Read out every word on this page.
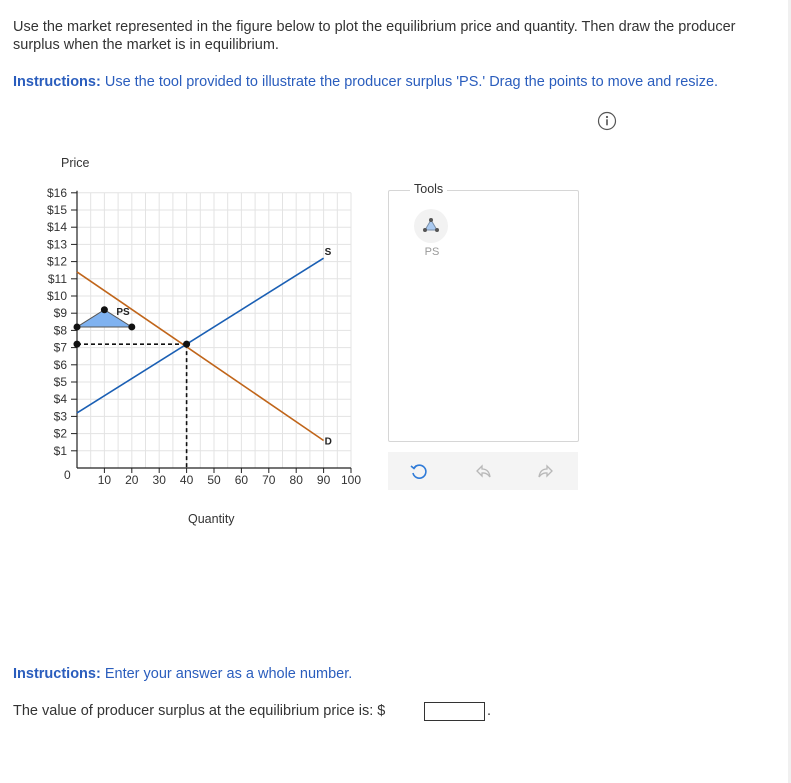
Use the market represented in the figure below to plot the equilibrium price and quantity. Then draw the producer surplus when the market is in equilibrium.

Instructions: Use the tool provided to illustrate the producer surplus 'PS.' Drag the points to move and resize.

Price
Quantity
0
$16
$15
$14
$13
$12
$11
$10
$9
$8
$7
$6
$5
$4
$3
$2
$1
10 20 30 40 50 60 70 80 90 100
S
D
PS
Tools
PS

Instructions: Enter your answer as a whole number.

The value of producer surplus at the equilibrium price is: $	.
